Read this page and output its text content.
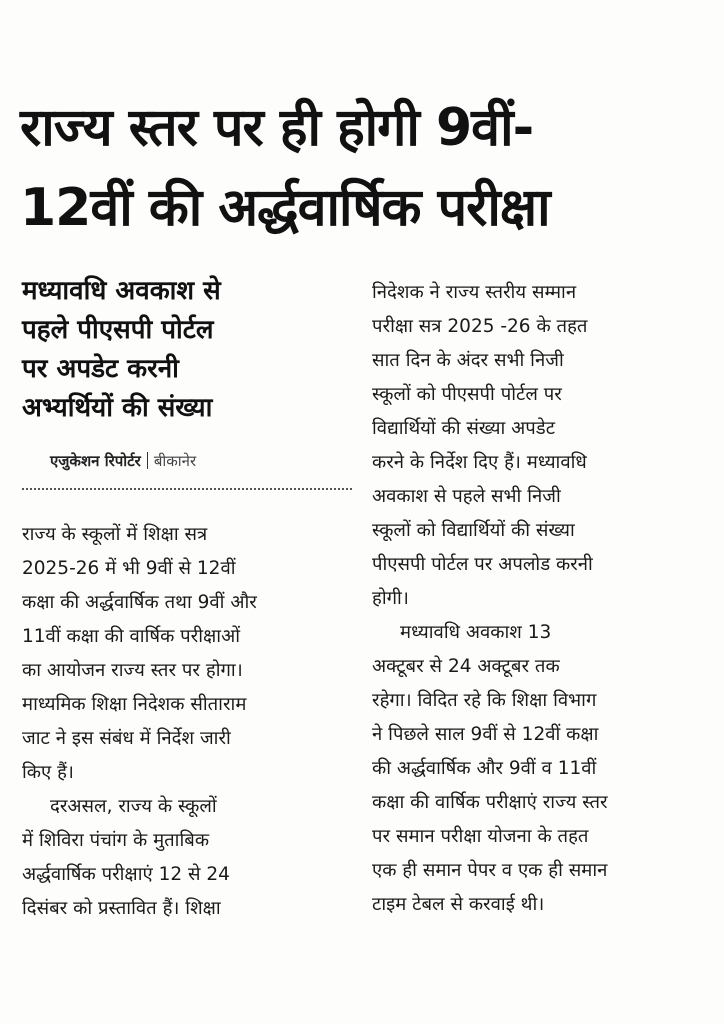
राज्य स्तर पर ही होगी 9वीं-
12वीं की अर्द्धवार्षिक परीक्षा
मध्यावधि अवकाश से
पहले पीएसपी पोर्टल
पर अपडेट करनी
अभ्यर्थियों की संख्या
एजुकेशन रिपोर्टर बीकानेर

राज्य के स्कूलों में शिक्षा सत्र
2025-26 में भी 9वीं से 12वीं
कक्षा की अर्द्धवार्षिक तथा 9वीं और
11वीं कक्षा की वार्षिक परीक्षाओं
का आयोजन राज्य स्तर पर होगा।
माध्यमिक शिक्षा निदेशक सीताराम
जाट ने इस संबंध में निर्देश जारी
किए हैं।
दरअसल, राज्य के स्कूलों
में शिविरा पंचांग के मुताबिक
अर्द्धवार्षिक परीक्षाएं 12 से 24
दिसंबर को प्रस्तावित हैं। शिक्षा

निदेशक ने राज्य स्तरीय सम्मान
परीक्षा सत्र 2025 -26 के तहत
सात दिन के अंदर सभी निजी
स्कूलों को पीएसपी पोर्टल पर
विद्यार्थियों की संख्या अपडेट
करने के निर्देश दिए हैं। मध्यावधि
अवकाश से पहले सभी निजी
स्कूलों को विद्यार्थियों की संख्या
पीएसपी पोर्टल पर अपलोड करनी
होगी।
मध्यावधि अवकाश 13
अक्टूबर से 24 अक्टूबर तक
रहेगा। विदित रहे कि शिक्षा विभाग
ने पिछले साल 9वीं से 12वीं कक्षा
की अर्द्धवार्षिक और 9वीं व 11वीं
कक्षा की वार्षिक परीक्षाएं राज्य स्तर
पर समान परीक्षा योजना के तहत
एक ही समान पेपर व एक ही समान
टाइम टेबल से करवाई थी।
